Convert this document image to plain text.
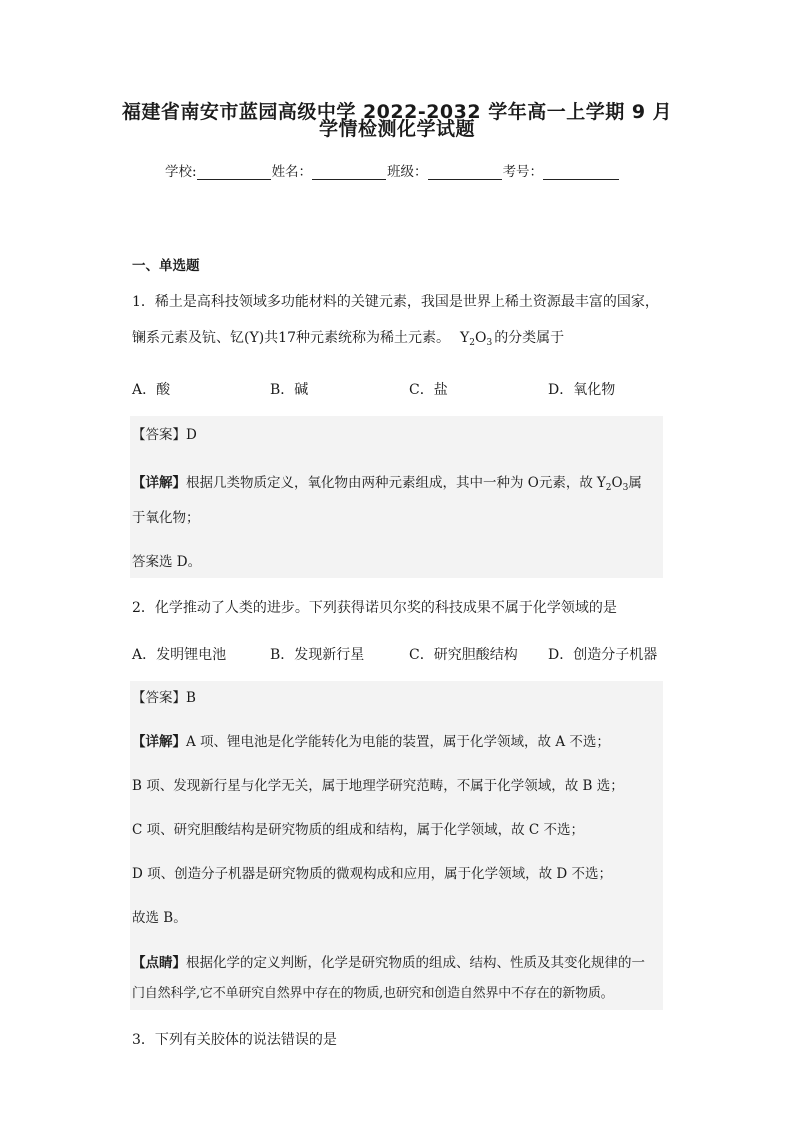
福建省南安市蓝园高级中学 2022-2032 学年高一上学期 9 月
学情检测化学试题
学校:	姓名：	班级：	考号：
一、单选题
1．稀土是高科技领域多功能材料的关键元素，我国是世界上稀土资源最丰富的国家，
镧系元素及钪、钇(Y)共17种元素统称为稀土元素。 $Y_2O_3$ 的分类属于
A．酸	B．碱	C．盐	D．氧化物
【答案】D
【详解】根据几类物质定义，氧化物由两种元素组成，其中一种为 O元素，故 $Y_2O_3$属
于氧化物；
答案选 D。
2．化学推动了人类的进步。下列获得诺贝尔奖的科技成果不属于化学领域的是
A．发明锂电池	B．发现新行星	C．研究胆酸结构 D．创造分子机器
【答案】B
【详解】A 项、锂电池是化学能转化为电能的装置，属于化学领域，故 A 不选；
B 项、发现新行星与化学无关，属于地理学研究范畴，不属于化学领域，故 B 选；
C 项、研究胆酸结构是研究物质的组成和结构，属于化学领域，故 C 不选；
D 项、创造分子机器是研究物质的微观构成和应用，属于化学领域，故 D 不选；
故选 B。
【点睛】根据化学的定义判断，化学是研究物质的组成、结构、性质及其变化规律的一
门自然科学,它不单研究自然界中存在的物质,也研究和创造自然界中不存在的新物质。
3．下列有关胶体的说法错误的是
